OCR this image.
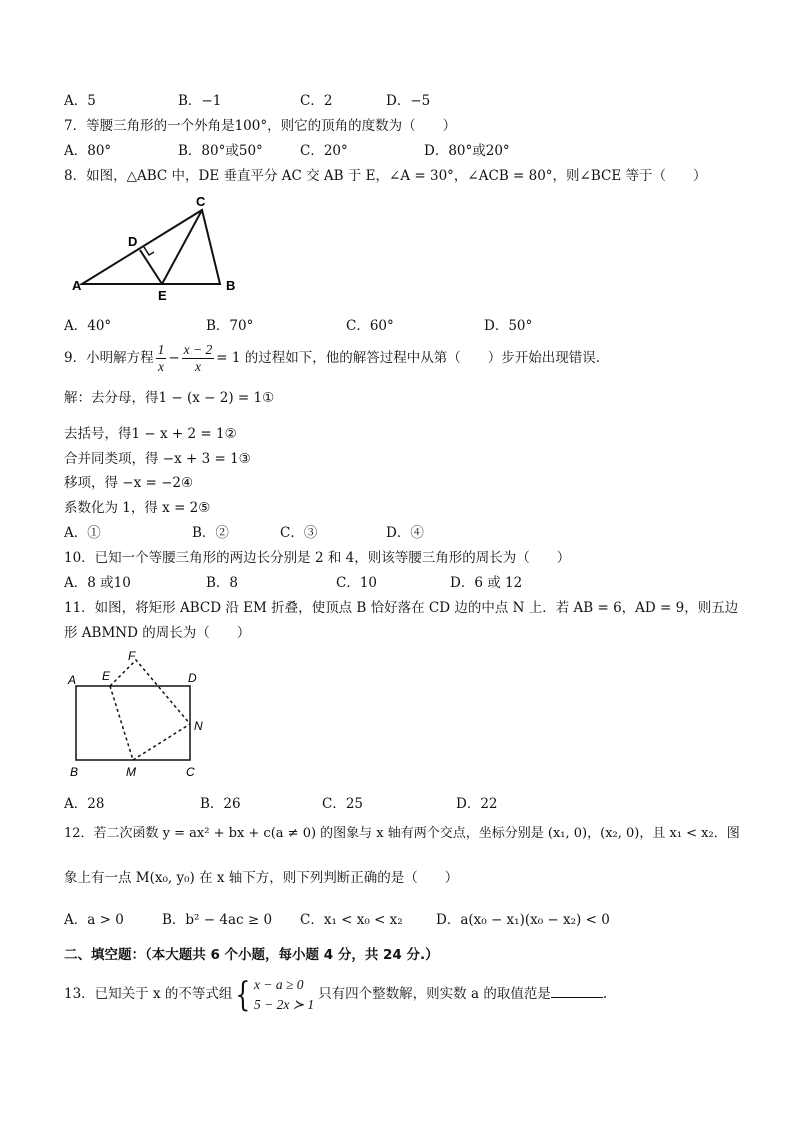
A．5	B．−1	C．2	D．−5
7．等腰三角形的一个外角是100°，则它的顶角的度数为（　　）
A．80°	B．80°或50°	C．20°	D．80°或20°
8．如图，△ABC 中，DE 垂直平分 AC 交 AB 于 E，∠A = 30°，∠ACB = 80°，则∠BCE 等于（　　）
A	B
C
D
E
A．40°	B．70°	C．60°	D．50°
9．小明解方程 $\frac{1}{x} - \frac{x - 2}{x} = 1$ 的过程如下，他的解答过程中从第（　　）步开始出现错误.
解：去分母，得1 − (x − 2) = 1①
去括号，得1 − x + 2 = 1②
合并同类项，得 −x + 3 = 1③
移项，得 −x = −2④
系数化为 1，得 x = 2⑤
A．①	B．②	C．③	D．④
10．已知一个等腰三角形的两边长分别是 2 和 4，则该等腰三角形的周长为（　　）
A．8 或10	B．8	C．10	D．6 或 12
11．如图，将矩形 ABCD 沿 EM 折叠，使顶点 B 恰好落在 CD 边的中点 N 上．若 AB = 6，AD = 9，则五边
形 ABMND 的周长为（　　）
A E
F
D
N
B	M	C
A．28	B．26	C．25	D．22
12．若二次函数 y = ax² + bx + c(a ≠ 0) 的图象与 x 轴有两个交点，坐标分别是 (x₁, 0)，(x₂, 0)，且 x₁ < x₂．图
象上有一点 M(x₀, y₀) 在 x 轴下方，则下列判断正确的是（　　）
A．a > 0	B．b² − 4ac ≥ 0 C．x₁ < x₀ < x₂ D．a(x₀ − x₁)(x₀ − x₂) < 0
二、填空题：（本大题共 6 个小题，每小题 4 分，共 24 分.）
13．已知关于 x 的不等式组{ x − a ≥ 0
5 − 2x ≻ 1
只有四个整数解，则实数 a 的取值范是	.
